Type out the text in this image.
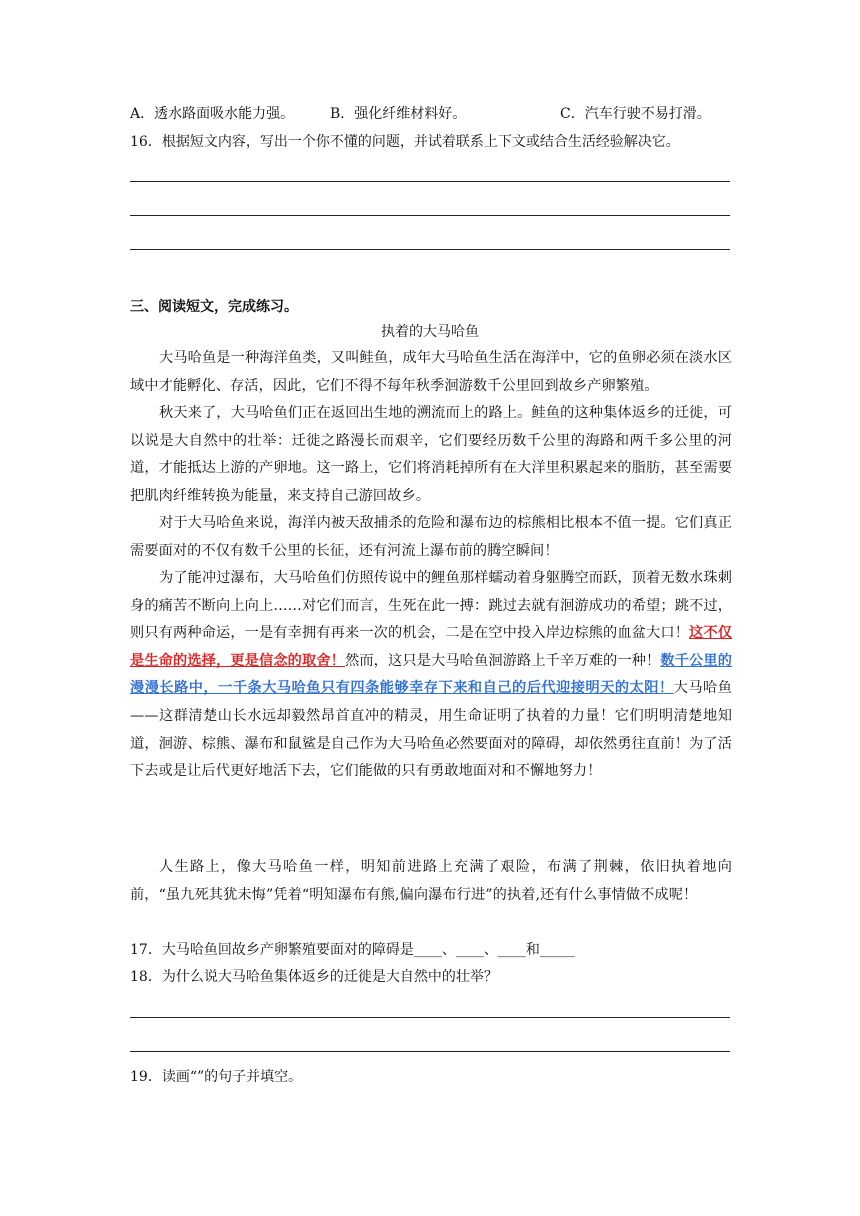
A．透水路面吸水能力强。	B．强化纤维材料好。	C．汽车行驶不易打滑。
16．根据短文内容，写出一个你不懂的问题，并试着联系上下文或结合生活经验解决它。
三、阅读短文，完成练习。
执着的大马哈鱼
大马哈鱼是一种海洋鱼类，又叫鲑鱼，成年大马哈鱼生活在海洋中，它的鱼卵必须在淡水区域中才能孵化、存活，因此，它们不得不每年秋季洄游数千公里回到故乡产卵繁殖。
秋天来了，大马哈鱼们正在返回出生地的溯流而上的路上。鲑鱼的这种集体返乡的迁徙，可以说是大自然中的壮举：迁徙之路漫长而艰辛，它们要经历数千公里的海路和两千多公里的河道，才能抵达上游的产卵地。这一路上，它们将消耗掉所有在大洋里积累起来的脂肪，甚至需要把肌肉纤维转换为能量，来支持自己游回故乡。
对于大马哈鱼来说，海洋内被天敌捕杀的危险和瀑布边的棕熊相比根本不值一提。它们真正需要面对的不仅有数千公里的长征，还有河流上瀑布前的腾空瞬间！
为了能冲过瀑布，大马哈鱼们仿照传说中的鲤鱼那样蠕动着身躯腾空而跃，顶着无数水珠刺身的痛苦不断向上向上……对它们而言，生死在此一搏：跳过去就有洄游成功的希望；跳不过，则只有两种命运，一是有幸拥有再来一次的机会，二是在空中投入岸边棕熊的血盆大口！这不仅是生命的选择，更是信念的取舍！然而，这只是大马哈鱼洄游路上千辛万难的一种！数千公里的漫漫长路中，一千条大马哈鱼只有四条能够幸存下来和自己的后代迎接明天的太阳！大马哈鱼——这群清楚山长水远却毅然昂首直冲的精灵，用生命证明了执着的力量！它们明明清楚地知道，洄游、棕熊、瀑布和鼠鲨是自己作为大马哈鱼必然要面对的障碍，却依然勇往直前！为了活下去或是让后代更好地活下去，它们能做的只有勇敢地面对和不懈地努力！
人生路上，像大马哈鱼一样，明知前进路上充满了艰险，布满了荆棘，依旧执着地向前，“虽九死其犹未悔”凭着“明知瀑布有熊,偏向瀑布行进”的执着,还有什么事情做不成呢！
17．大马哈鱼回故乡产卵繁殖要面对的障碍是____、____、____和_____
18．为什么说大马哈鱼集体返乡的迁徙是大自然中的壮举？
19．读画“”的句子并填空。
